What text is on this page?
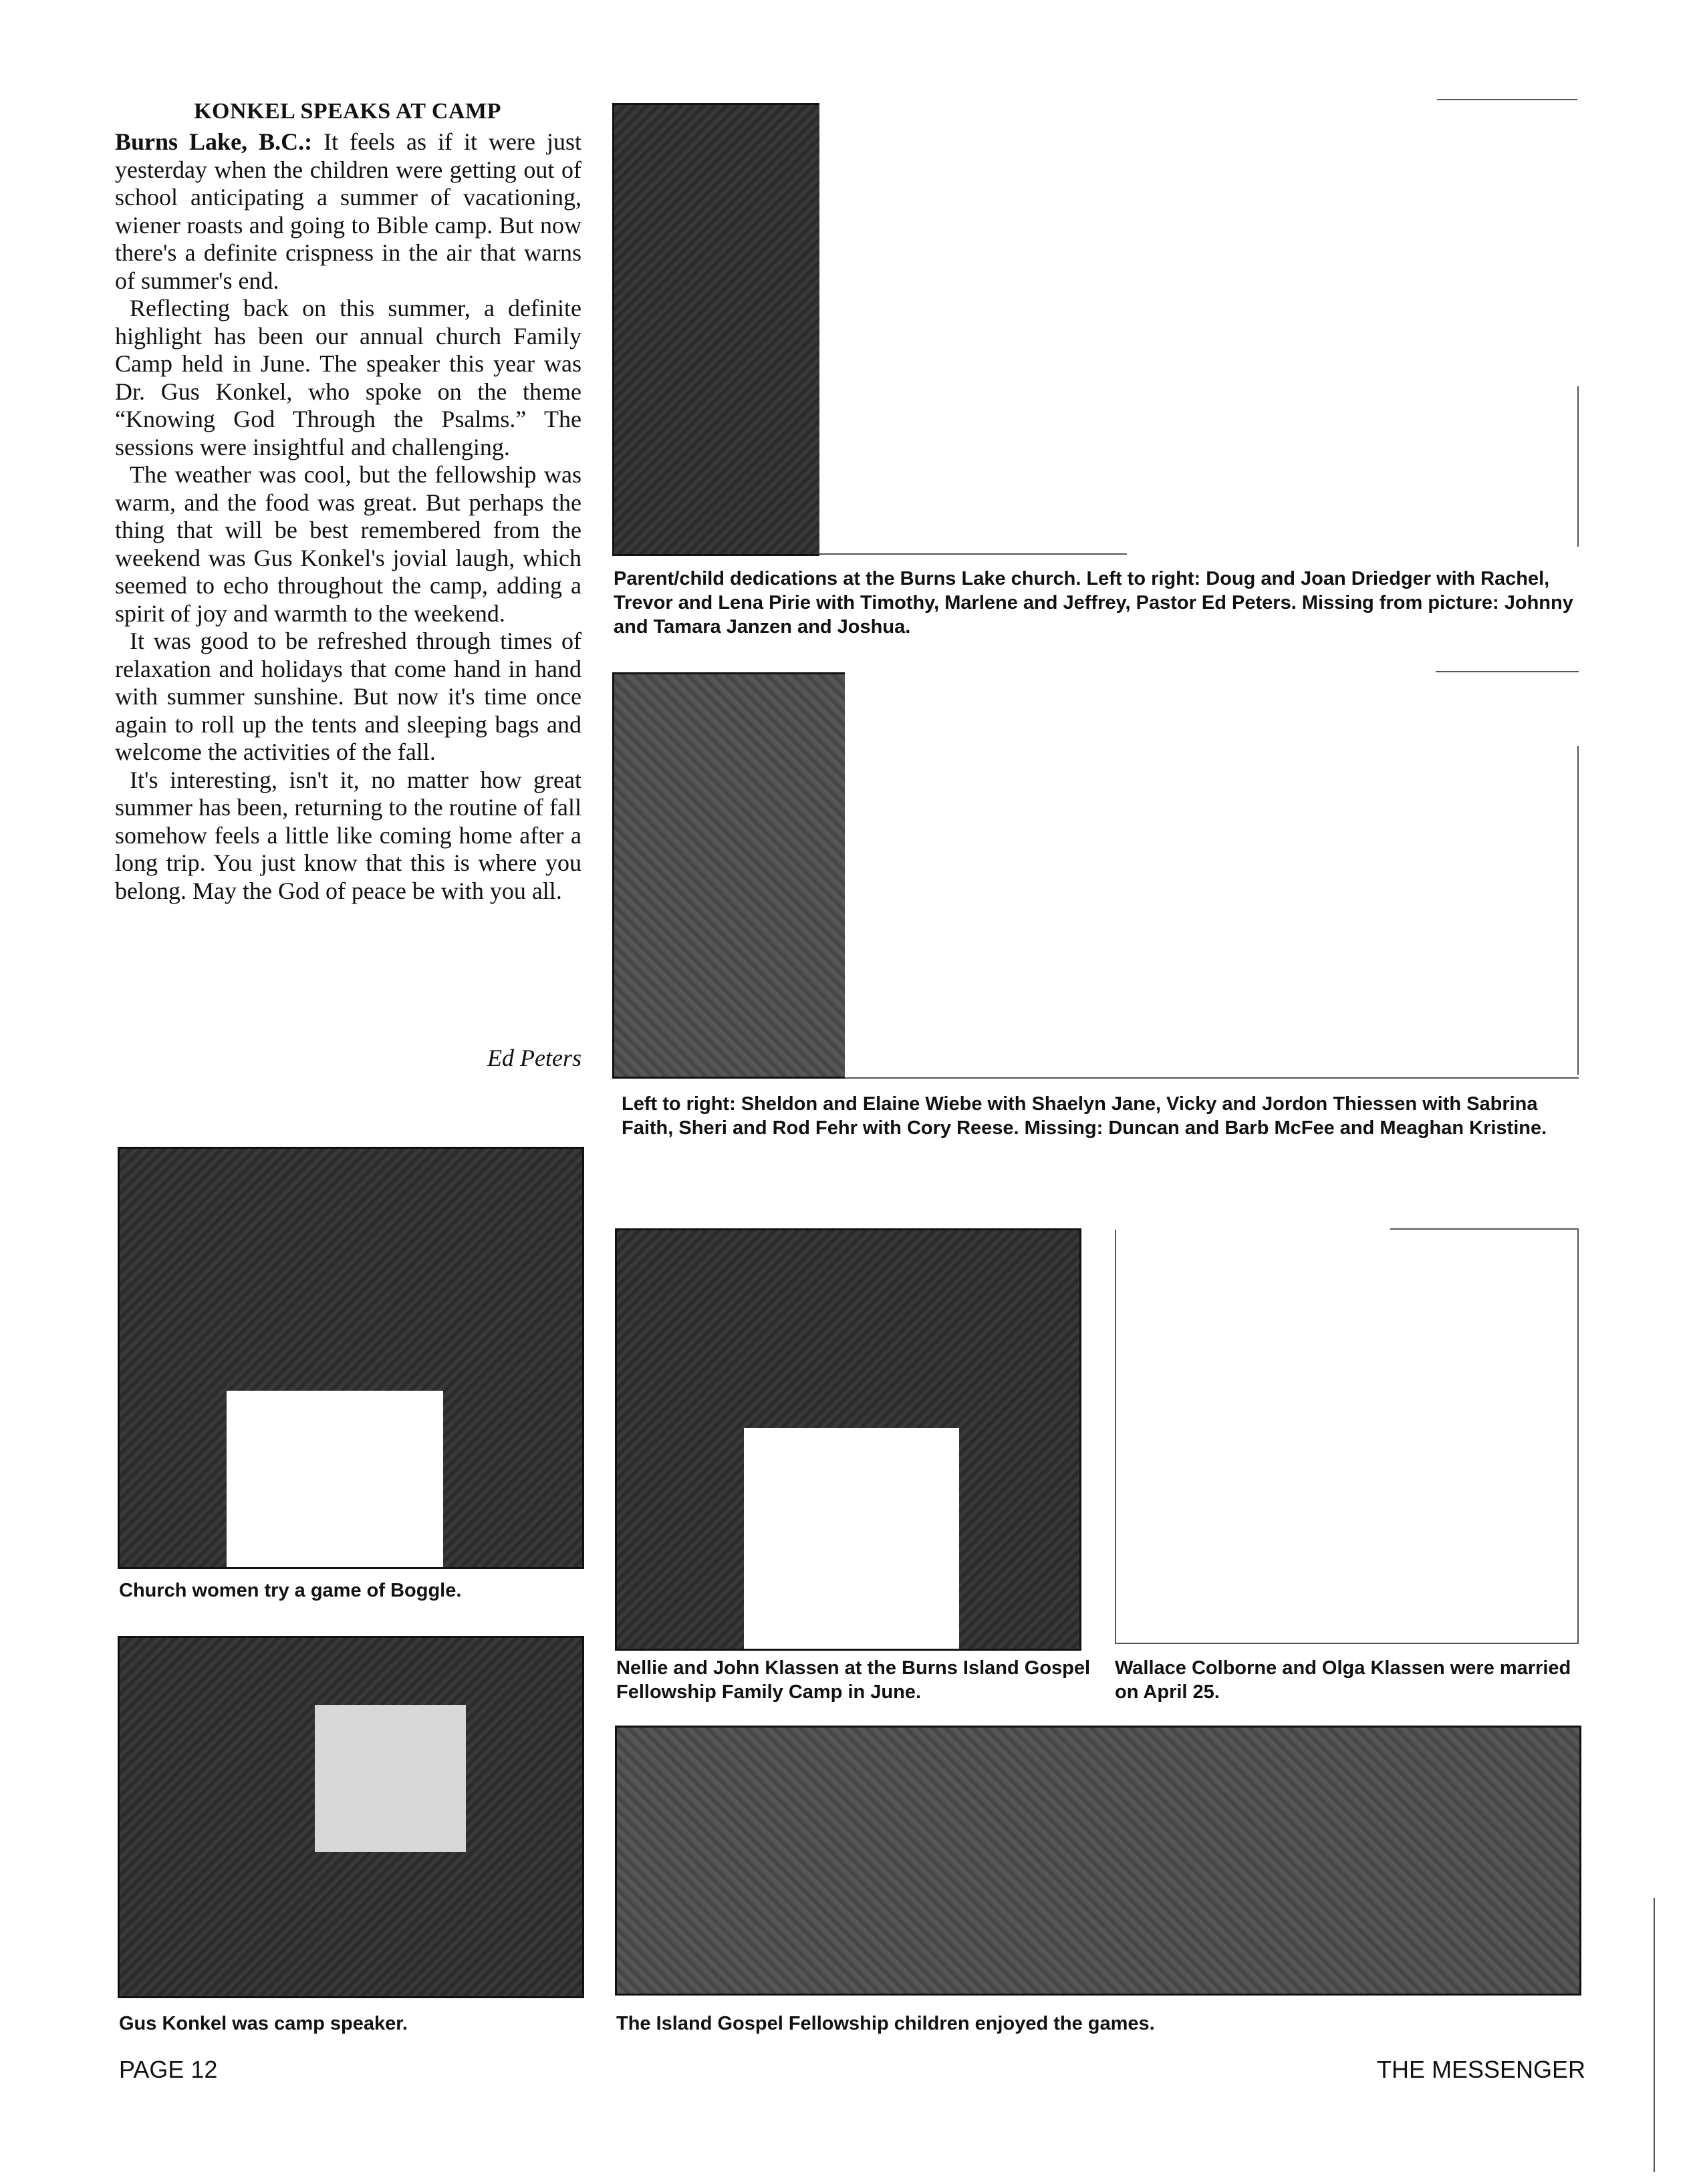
KONKEL SPEAKS AT CAMP

Burns Lake, B.C.: It feels as if it were just yesterday when the children were getting out of school anticipating a summer of vacationing, wiener roasts and going to Bible camp. But now there's a definite crispness in the air that warns of summer's end.

Reflecting back on this summer, a definite highlight has been our annual church Family Camp held in June. The speaker this year was Dr. Gus Konkel, who spoke on the theme “Knowing God Through the Psalms.” The sessions were insightful and challenging.

The weather was cool, but the fellowship was warm, and the food was great. But perhaps the thing that will be best remembered from the weekend was Gus Konkel's jovial laugh, which seemed to echo throughout the camp, adding a spirit of joy and warmth to the weekend.

It was good to be refreshed through times of relaxation and holidays that come hand in hand with summer sunshine. But now it's time once again to roll up the tents and sleeping bags and welcome the activities of the fall.

It's interesting, isn't it, no matter how great summer has been, returning to the routine of fall somehow feels a little like coming home after a long trip. You just know that this is where you belong. May the God of peace be with you all.

Ed Peters
Parent/child dedications at the Burns Lake church. Left to right: Doug and Joan Driedger with Rachel, Trevor and Lena Pirie with Timothy, Marlene and Jeffrey, Pastor Ed Peters. Missing from picture: Johnny and Tamara Janzen and Joshua.
Left to right: Sheldon and Elaine Wiebe with Shaelyn Jane, Vicky and Jordon Thiessen with Sabrina Faith, Sheri and Rod Fehr with Cory Reese. Missing: Duncan and Barb McFee and Meaghan Kristine.
Church women try a game of Boggle.
Nellie and John Klassen at the Burns Island Gospel Fellowship Family Camp in June.
Wallace Colborne and Olga Klassen were married on April 25.
Gus Konkel was camp speaker.	The Island Gospel Fellowship children enjoyed the games.
PAGE 12	THE MESSENGER
